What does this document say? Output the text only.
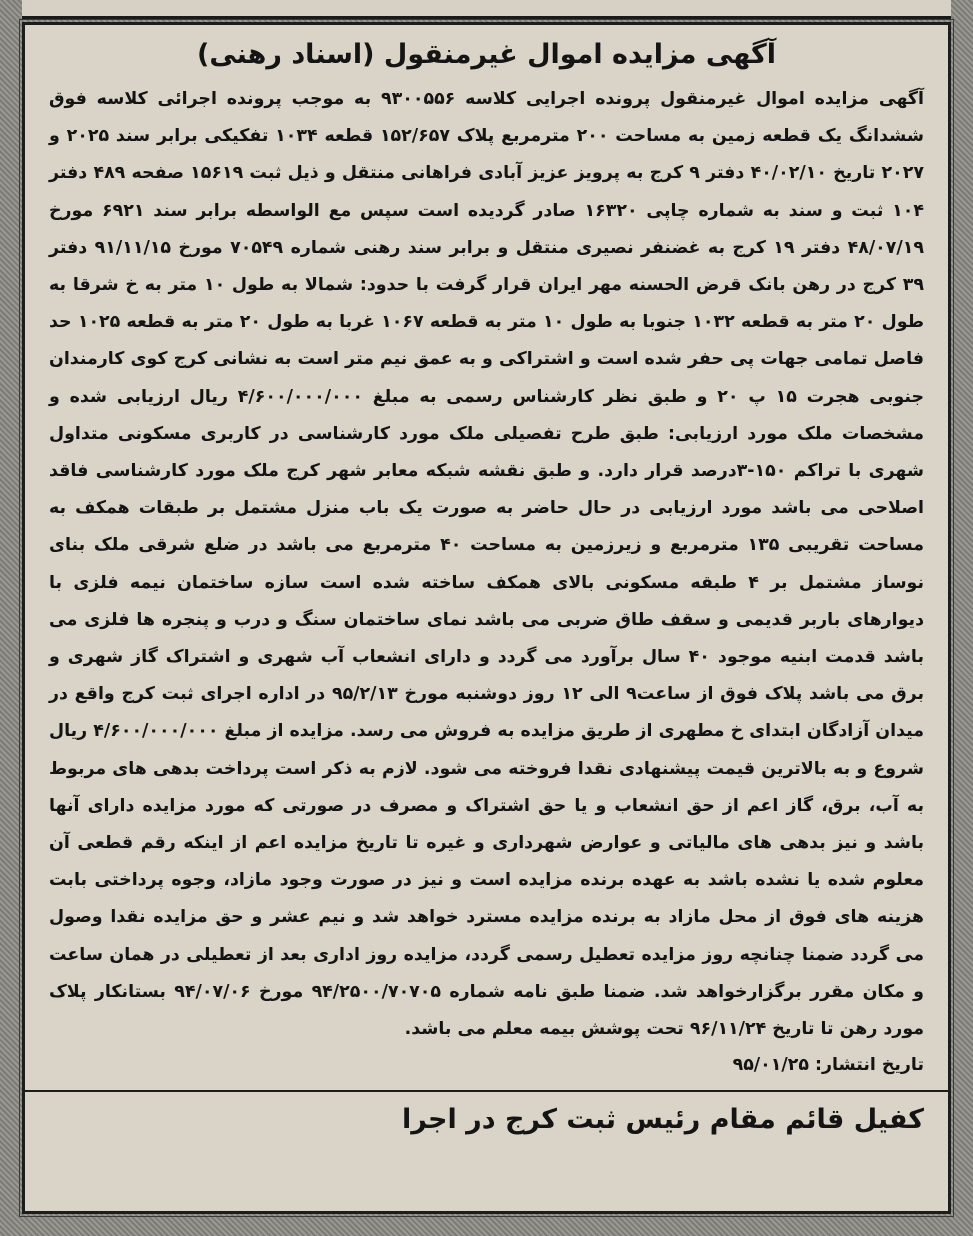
آگهی مزایده اموال غیرمنقول (اسناد رهنی)

آگهی مزایده اموال غیرمنقول پرونده اجرایی کلاسه ۹۳۰۰۵۵۶ به موجب پرونده اجرائی کلاسه فوق ششدانگ یک قطعه زمین به مساحت ۲۰۰ مترمربع پلاک ۱۵۲/۶۵۷ قطعه ۱۰۳۴ تفکیکی برابر سند ۲۰۲۵ و ۲۰۲۷ تاریخ ۴۰/۰۲/۱۰ دفتر ۹ کرج به پرویز عزیز آبادی فراهانی منتقل و ذیل ثبت ۱۵۶۱۹ صفحه ۴۸۹ دفتر ۱۰۴ ثبت و سند به شماره چاپی ۱۶۳۲۰ صادر گردیده است سپس مع الواسطه برابر سند ۶۹۲۱ مورخ ۴۸/۰۷/۱۹ دفتر ۱۹ کرج به غضنفر نصیری منتقل و برابر سند رهنی شماره ۷۰۵۴۹ مورخ ۹۱/۱۱/۱۵ دفتر ۳۹ کرج در رهن بانک قرض الحسنه مهر ایران قرار گرفت با حدود: شمالا به طول ۱۰ متر به خ شرقا به طول ۲۰ متر به قطعه ۱۰۳۲ جنوبا به طول ۱۰ متر به قطعه ۱۰۶۷ غربا به طول ۲۰ متر به قطعه ۱۰۲۵ حد فاصل تمامی جهات پی حفر شده است و اشتراکی و به عمق نیم متر است به نشانی کرج کوی کارمندان جنوبی هجرت ۱۵ پ ۲۰ و طبق نظر کارشناس رسمی به مبلغ ۴/۶۰۰/۰۰۰/۰۰۰ ریال ارزیابی شده و مشخصات ملک مورد ارزیابی: طبق طرح تفصیلی ملک مورد کارشناسی در کاربری مسکونی متداول شهری با تراکم ۱۵۰-۳درصد قرار دارد. و طبق نقشه شبکه معابر شهر کرج ملک مورد کارشناسی فاقد اصلاحی می باشد مورد ارزیابی در حال حاضر به صورت یک باب منزل مشتمل بر طبقات همکف به مساحت تقریبی ۱۳۵ مترمربع و زیرزمین به مساحت ۴۰ مترمربع می باشد در ضلع شرقی ملک بنای نوساز مشتمل بر ۴ طبقه مسکونی بالای همکف ساخته شده است سازه ساختمان نیمه فلزی با دیوارهای باربر قدیمی و سقف طاق ضربی می باشد نمای ساختمان سنگ و درب و پنجره ها فلزی می باشد قدمت ابنیه موجود ۴۰ سال برآورد می گردد و دارای انشعاب آب شهری و اشتراک گاز شهری و برق می باشد پلاک فوق از ساعت۹ الی ۱۲ روز دوشنبه مورخ ۹۵/۲/۱۳ در اداره اجرای ثبت کرج واقع در میدان آزادگان ابتدای خ مطهری از طریق مزایده به فروش می رسد. مزایده از مبلغ ۴/۶۰۰/۰۰۰/۰۰۰ ریال شروع و به بالاترین قیمت پیشنهادی نقدا فروخته می شود. لازم به ذکر است پرداخت بدهی های مربوط به آب، برق، گاز اعم از حق انشعاب و یا حق اشتراک و مصرف در صورتی که مورد مزایده دارای آنها باشد و نیز بدهی های مالیاتی و عوارض شهرداری و غیره تا تاریخ مزایده اعم از اینکه رقم قطعی آن معلوم شده یا نشده باشد به عهده برنده مزایده است و نیز در صورت وجود مازاد، وجوه پرداختی بابت هزینه های فوق از محل مازاد به برنده مزایده مسترد خواهد شد و نیم عشر و حق مزایده نقدا وصول می گردد ضمنا چنانچه روز مزایده تعطیل رسمی گردد، مزایده روز اداری بعد از تعطیلی در همان ساعت و مکان مقرر برگزارخواهد شد. ضمنا طبق نامه شماره ۹۴/۲۵۰۰/۷۰۷۰۵ مورخ ۹۴/۰۷/۰۶ بستانکار پلاک مورد رهن تا تاریخ ۹۶/۱۱/۲۴ تحت پوشش بیمه معلم می باشد.

تاریخ انتشار: ۹۵/۰۱/۲۵

کفیل قائم مقام رئیس ثبت کرج در اجرا
